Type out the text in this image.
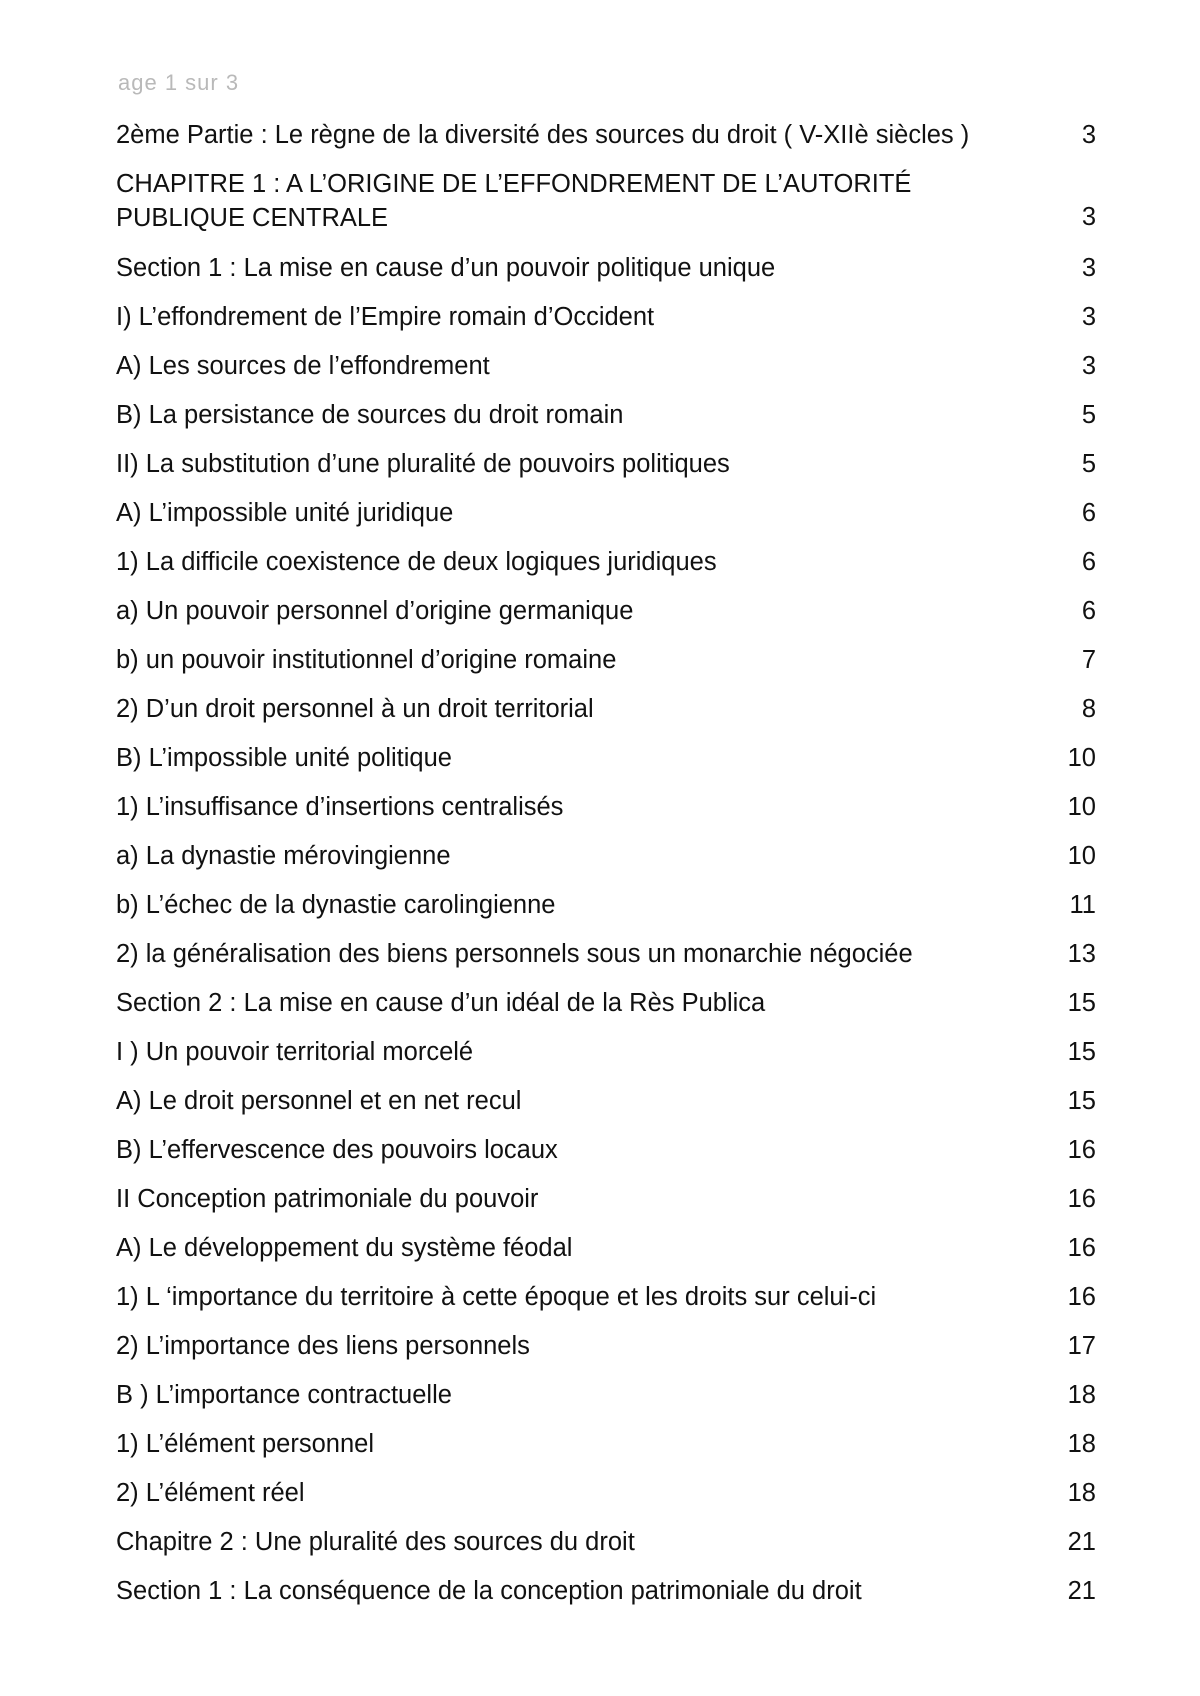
age 1 sur 3
2ème Partie : Le règne de la diversité des sources du droit ( V-XIIè siècles )	3
CHAPITRE 1 : A L’ORIGINE DE L’EFFONDREMENT DE L’AUTORITÉ PUBLIQUE CENTRALE	3
Section 1 : La mise en cause d’un pouvoir politique unique	3
I) L’effondrement de l’Empire romain d’Occident	3
A) Les sources de l’effondrement	3
B) La persistance de sources du droit romain	5
II) La substitution d’une pluralité de pouvoirs politiques	5
A) L’impossible unité juridique	6
1) La difficile coexistence de deux logiques juridiques	6
a) Un pouvoir personnel d’origine germanique	6
b) un pouvoir institutionnel d’origine romaine	7
2) D’un droit personnel à un droit territorial	8
B) L’impossible unité politique	10
1) L’insuffisance d’insertions centralisés	10
a) La dynastie mérovingienne	10
b) L’échec de la dynastie carolingienne	11
2) la généralisation des biens personnels sous un monarchie négociée	13
Section 2 : La mise en cause d’un idéal de la Rès Publica	15
I ) Un pouvoir territorial morcelé	15
A) Le droit personnel et en net recul	15
B) L’effervescence des pouvoirs locaux	16
II Conception patrimoniale du pouvoir	16
A) Le développement du système féodal	16
1) L ‘importance du territoire à cette époque et les droits sur celui-ci	16
2) L’importance des liens personnels	17
B ) L’importance contractuelle	18
1) L’élément personnel	18
2) L’élément réel	18
Chapitre 2 : Une pluralité des sources du droit	21
Section 1 : La conséquence de la conception patrimoniale du droit	21
